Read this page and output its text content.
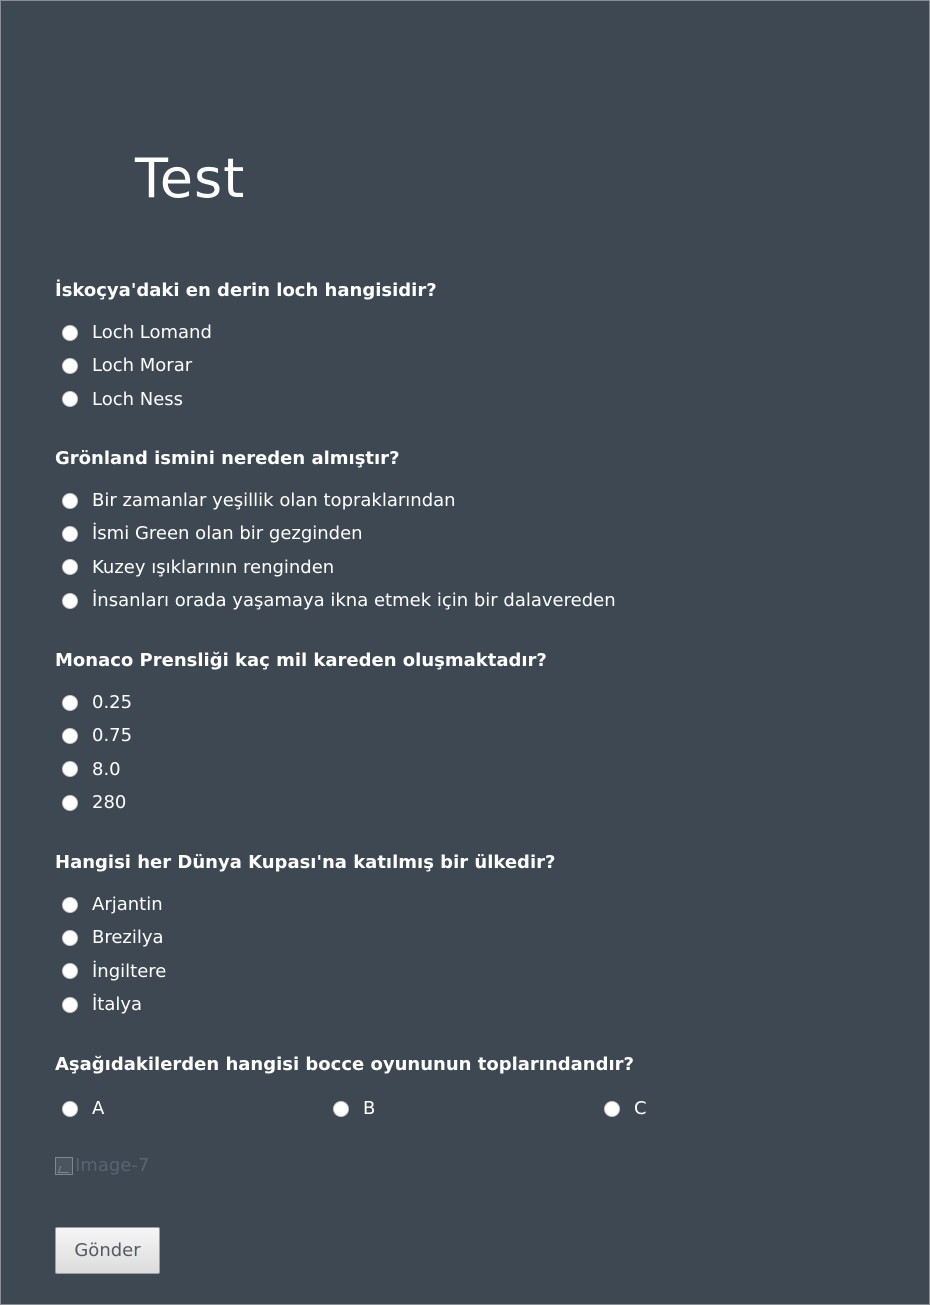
Test

İskoçya'daki en derin loch hangisidir?

Loch Lomand
Loch Morar
Loch Ness

Grönland ismini nereden almıştır?

Bir zamanlar yeşillik olan topraklarından
İsmi Green olan bir gezginden
Kuzey ışıklarının renginden
İnsanları orada yaşamaya ikna etmek için bir dalavereden

Monaco Prensliği kaç mil kareden oluşmaktadır?

0.25
0.75
8.0
280

Hangisi her Dünya Kupası'na katılmış bir ülkedir?

Arjantin
Brezilya
İngiltere
İtalya

Aşağıdakilerden hangisi bocce oyununun toplarındandır?

A	B	C
Image-7
Gönder
